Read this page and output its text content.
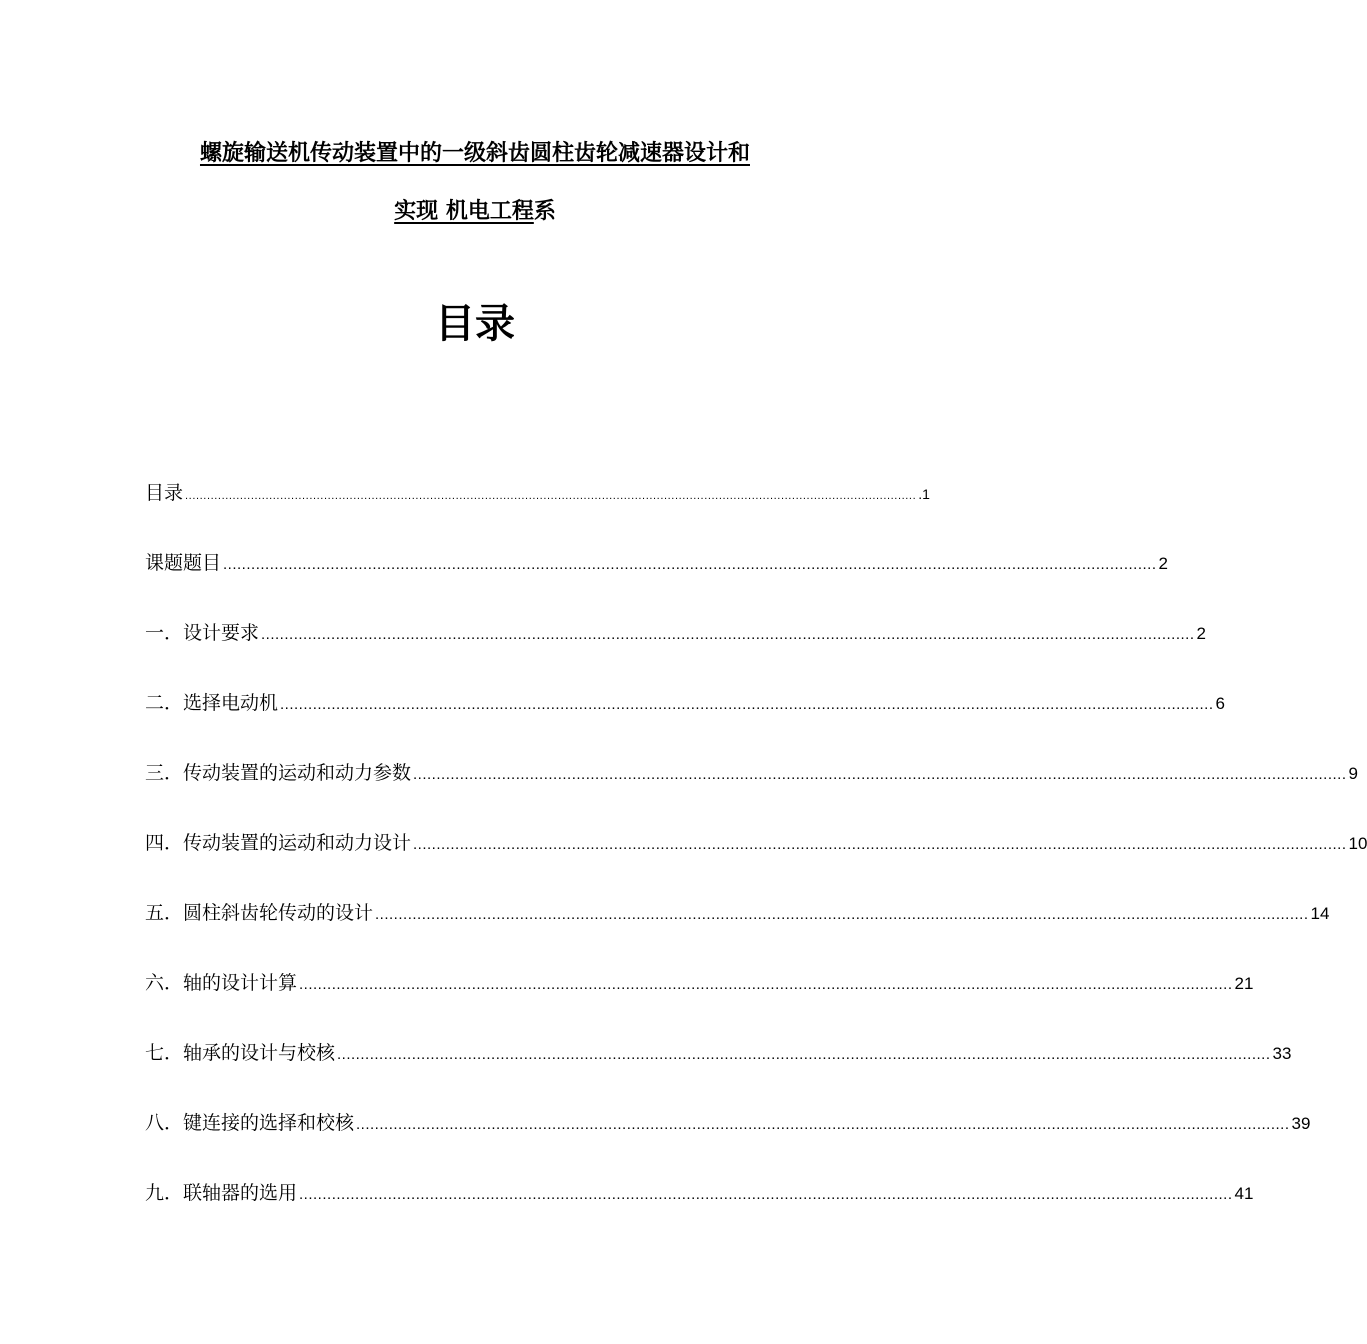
螺旋输送机传动装置中的一级斜齿圆柱齿轮减速器设计和
实现 机电工程系
目录
目录 ........................................................................................................................................................................................................ .1
课题题目 ........................................................................................................................................................................................................ 2
一．设计要求 ........................................................................................................................................................................................................ 2
二．选择电动机 ........................................................................................................................................................................................................ 6
三．传动装置的运动和动力参数 ........................................................................................................................................................................................................ 9
四．传动装置的运动和动力设计 ........................................................................................................................................................................................................ 10
五．圆柱斜齿轮传动的设计 ........................................................................................................................................................................................................ 14
六．轴的设计计算 ........................................................................................................................................................................................................ 21
七．轴承的设计与校核 ........................................................................................................................................................................................................ 33
八．键连接的选择和校核 ........................................................................................................................................................................................................ 39
九．联轴器的选用 ........................................................................................................................................................................................................ 41
